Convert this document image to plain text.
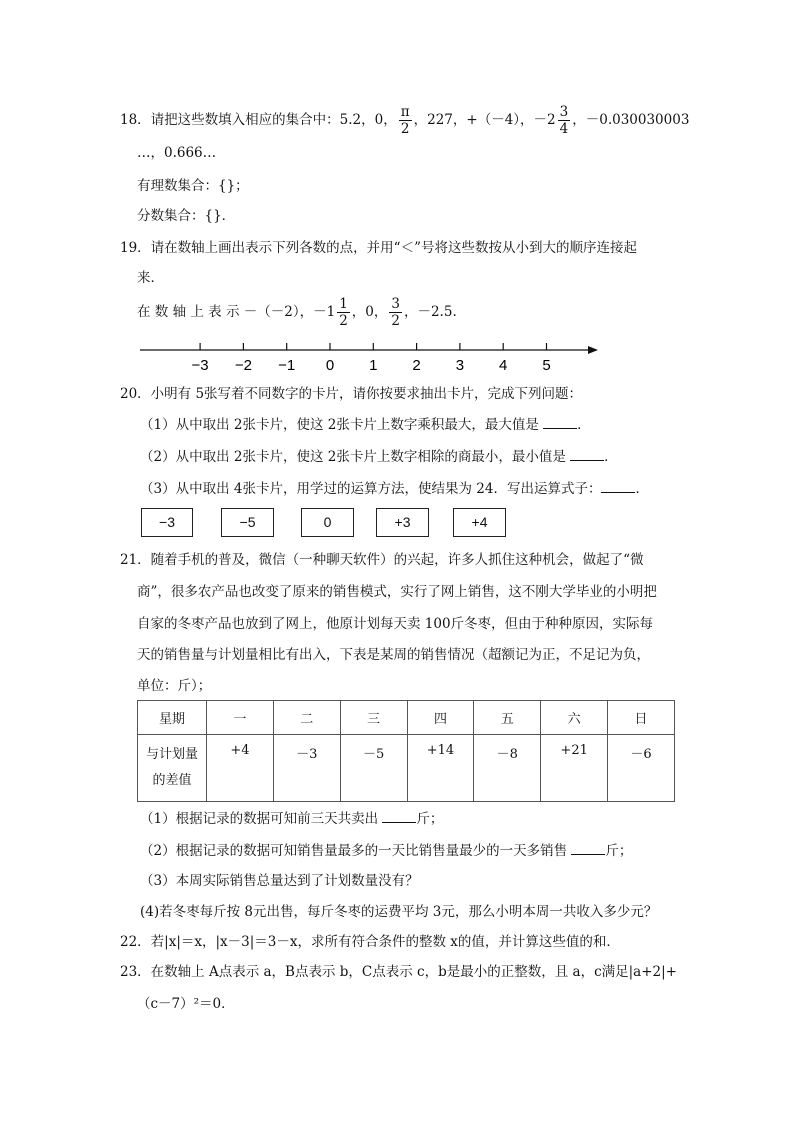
18．请把这些数填入相应的集合中：5.2，0， $\frac{\pi}{2}$ ，227，+（－4），$-2 \frac{3}{4}$ ，－0.030030003
…，0.666…
有理数集合：{}；
分数集合：{}．
19．请在数轴上画出表示下列各数的点，并用“＜”号将这些数按从小到大的顺序连接起
来．
在 数 轴 上 表 示 －（－2），$-1 \frac{1}{2}$ ，0， $\frac{3}{2}$ ，－2.5.
−3 −2 −1 0 1 2 3 4 5
20．小明有 5张写着不同数字的卡片，请你按要求抽出卡片，完成下列问题：
（1）从中取出 2张卡片，使这 2张卡片上数字乘积最大，最大值是	．
（2）从中取出 2张卡片，使这 2张卡片上数字相除的商最小，最小值是	．
（3）从中取出 4张卡片，用学过的运算方法，使结果为 24．写出运算式子：	．
−3	−5	0	+3	+4
21．随着手机的普及，微信（一种聊天软件）的兴起，许多人抓住这种机会，做起了“微
商”，很多农产品也改变了原来的销售模式，实行了网上销售，这不刚大学毕业的小明把
自家的冬枣产品也放到了网上，他原计划每天卖 100斤冬枣，但由于种种原因，实际每
天的销售量与计划量相比有出入，下表是某周的销售情况（超额记为正，不足记为负，
单位：斤）；
星期	一	二	三	四	五	六	日
与计划量
的差值	+4	－3	－5	+14	－8	+21	－6
（1）根据记录的数据可知前三天共卖出	斤；
（2）根据记录的数据可知销售量最多的一天比销售量最少的一天多销售	斤；
（3）本周实际销售总量达到了计划数量没有？
(4)若冬枣每斤按 8元出售，每斤冬枣的运费平均 3元，那么小明本周一共收入多少元？
22．若|x|＝x，|x－3|＝3－x，求所有符合条件的整数 x的值，并计算这些值的和．
23．在数轴上 A点表示 a，B点表示 b，C点表示 c，b是最小的正整数，且 a，c满足|a+2|+
（c－7）²＝0．
